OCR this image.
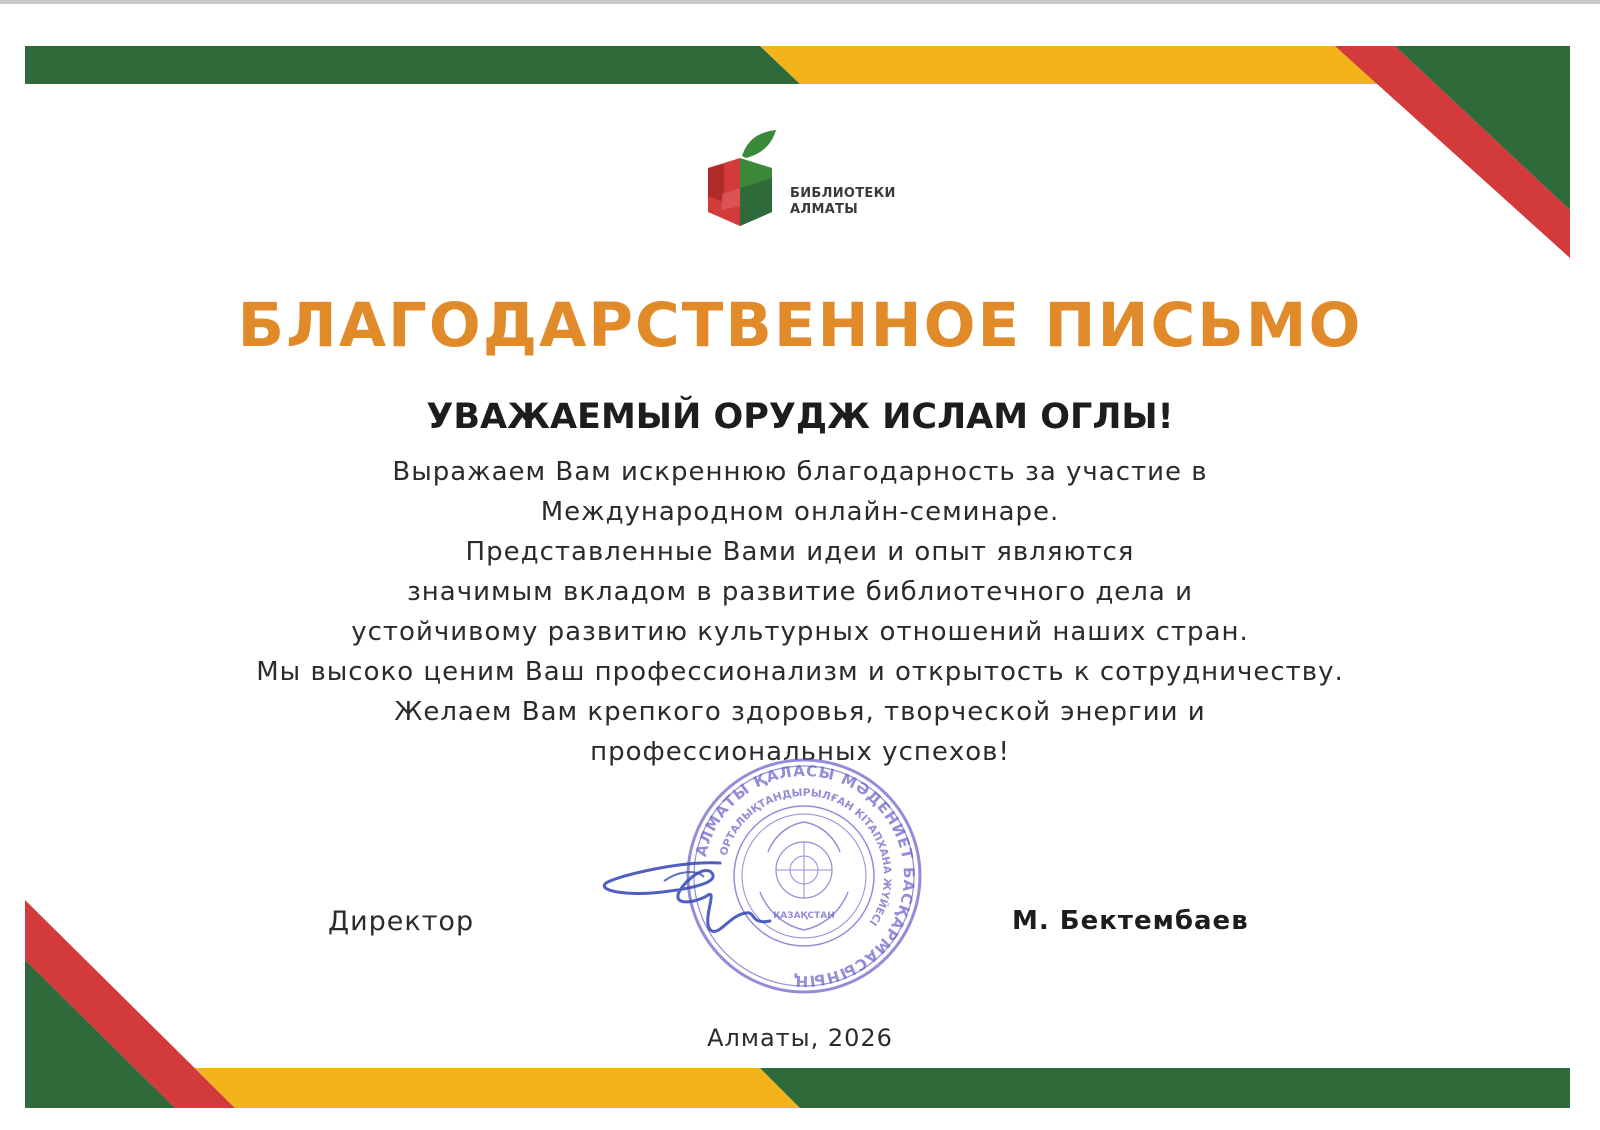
БИБЛИОТЕКИ
АЛМАТЫ
БЛАГОДАРСТВЕННОЕ ПИСЬМО
УВАЖАЕМЫЙ ОРУДЖ ИСЛАМ ОГЛЫ!
Выражаем Вам искреннюю благодарность за участие в
Международном онлайн-семинаре.
Представленные Вами идеи и опыт являются
значимым вкладом в развитие библиотечного дела и
устойчивому развитию культурных отношений наших стран.
Мы высоко ценим Ваш профессионализм и открытость к сотрудничеству.
Желаем Вам крепкого здоровья, творческой энергии и
профессиональных успехов!
АЛМАТЫ ҚАЛАСЫ МӘДЕНИЕТ БАСҚАРМАСЫНЫҢ
ОРТАЛЫҚТАНДЫРЫЛҒАН КІТАПХАНА ЖҮЙЕСІ
ҚАЗАҚСТАН
Директор	М. Бектембаев
Алматы, 2026
